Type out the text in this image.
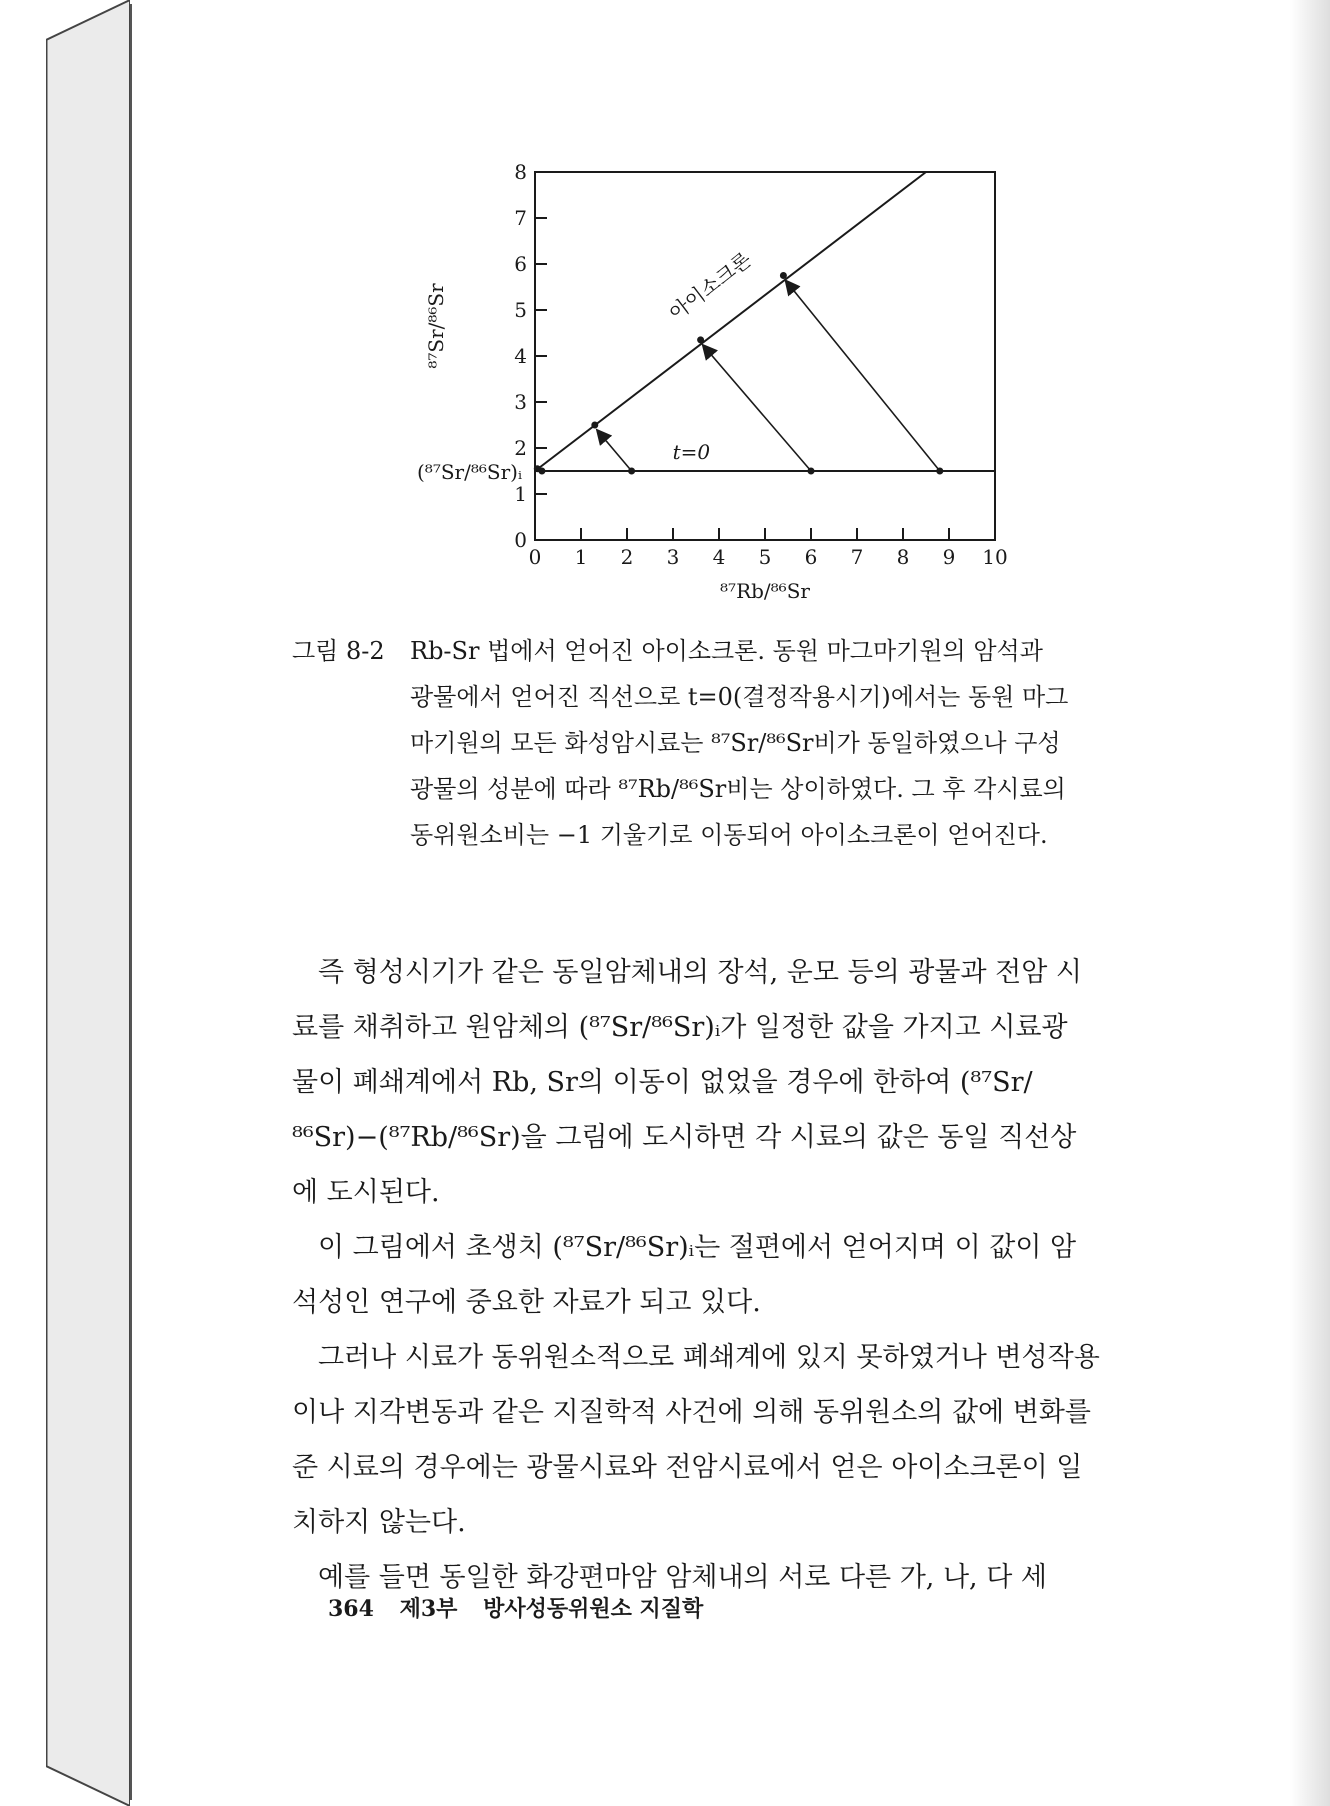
0 1 2 3 4 5 6 7 8 9 10
0
1
2
3
4
5
6
7
8
⁸⁷Rb/⁸⁶Sr
⁸⁷Sr/⁸⁶Sr
(⁸⁷Sr/⁸⁶Sr)ᵢ
아이소크론
t=0
그림 8-2 Rb-Sr 법에서 얻어진 아이소크론. 동원 마그마기원의 암석과
광물에서 얻어진 직선으로 t=0(결정작용시기)에서는 동원 마그
마기원의 모든 화성암시료는 ⁸⁷Sr/⁸⁶Sr비가 동일하였으나 구성
광물의 성분에 따라 ⁸⁷Rb/⁸⁶Sr비는 상이하였다. 그 후 각시료의
동위원소비는 −1 기울기로 이동되어 아이소크론이 얻어진다.
즉 형성시기가 같은 동일암체내의 장석, 운모 등의 광물과 전암 시
료를 채취하고 원암체의 (⁸⁷Sr/⁸⁶Sr)ᵢ가 일정한 값을 가지고 시료광
물이 폐쇄계에서 Rb, Sr의 이동이 없었을 경우에 한하여 (⁸⁷Sr/
⁸⁶Sr)−(⁸⁷Rb/⁸⁶Sr)을 그림에 도시하면 각 시료의 값은 동일 직선상
에 도시된다.
이 그림에서 초생치 (⁸⁷Sr/⁸⁶Sr)ᵢ는 절편에서 얻어지며 이 값이 암
석성인 연구에 중요한 자료가 되고 있다.
그러나 시료가 동위원소적으로 폐쇄계에 있지 못하였거나 변성작용
이나 지각변동과 같은 지질학적 사건에 의해 동위원소의 값에 변화를
준 시료의 경우에는 광물시료와 전암시료에서 얻은 아이소크론이 일
치하지 않는다.
예를 들면 동일한 화강편마암 암체내의 서로 다른 가, 나, 다 세
364 제3부 방사성동위원소 지질학
